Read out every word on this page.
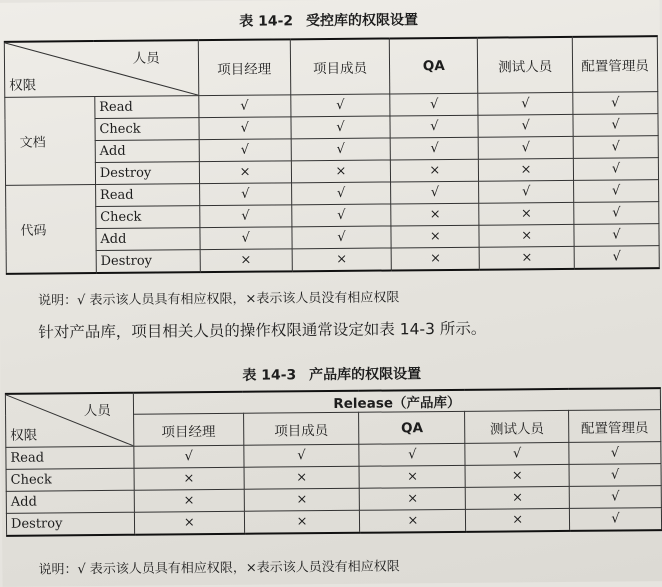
表 14-2 受控库的权限设置
人员
权限		项目经理	项目成员	QA	测试人员	配置管理员
文档	Read	√	√	√	√	√
	Check	√	√	√	√	√
	Add	√	√	√	√	√
	Destroy	×	×	×	×	√
代码	Read	√	√	√	√	√
	Check	√	√	×	×	√
	Add	√	√	×	×	√
	Destroy	×	×	×	×	√
说明：√ 表示该人员具有相应权限，×表示该人员没有相应权限
针对产品库，项目相关人员的操作权限通常设定如表 14-3 所示。
表 14-3 产品库的权限设置
人员
权限	Release（产品库）				
	项目经理	项目成员	QA	测试人员	配置管理员
Read	√	√	√	√	√
Check	×	×	×	×	√
Add	×	×	×	×	√
Destroy	×	×	×	×	√
说明：√ 表示该人员具有相应权限，×表示该人员没有相应权限
